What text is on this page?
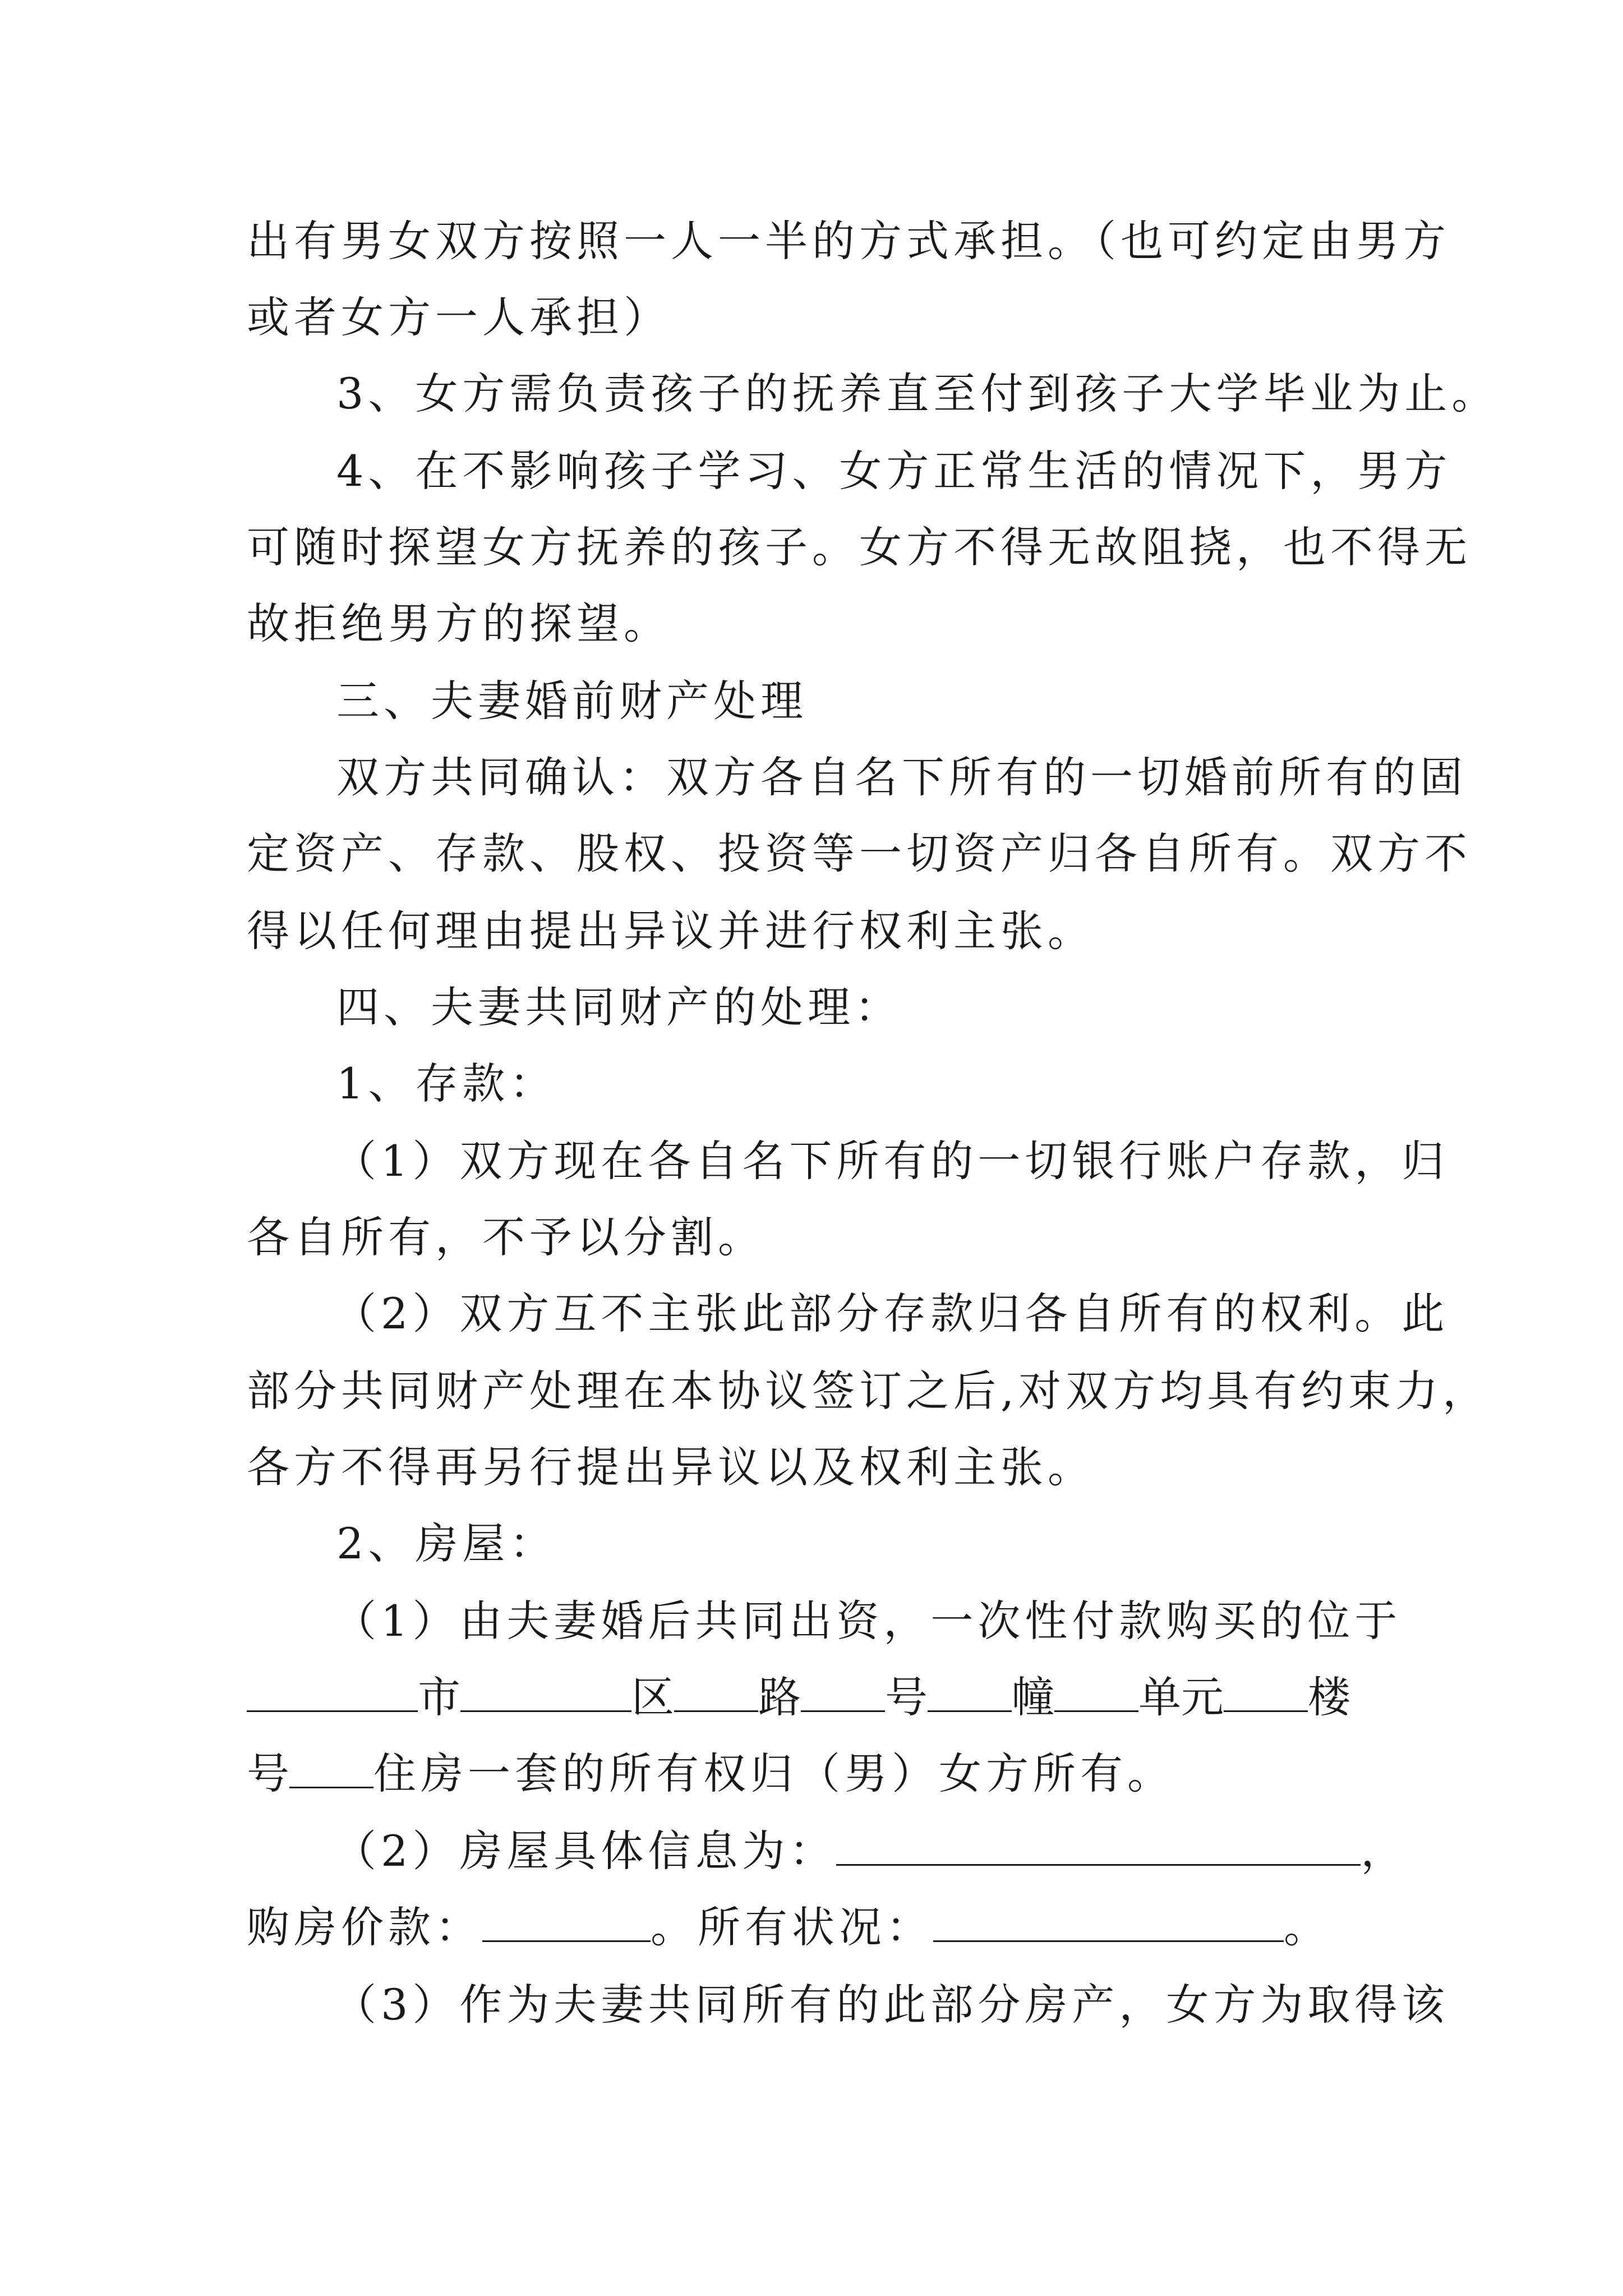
出有男女双方按照一人一半的方式承担。（也可约定由男方
或者女方一人承担）
3、女方需负责孩子的抚养直至付到孩子大学毕业为止。
4、在不影响孩子学习、女方正常生活的情况下，男方
可随时探望女方抚养的孩子。女方不得无故阻挠，也不得无
故拒绝男方的探望。
三、夫妻婚前财产处理
双方共同确认：双方各自名下所有的一切婚前所有的固
定资产、存款、股权、投资等一切资产归各自所有。双方不
得以任何理由提出异议并进行权利主张。
四、夫妻共同财产的处理：
1、存款：
（1）双方现在各自名下所有的一切银行账户存款，归
各自所有，不予以分割。
（2）双方互不主张此部分存款归各自所有的权利。此
部分共同财产处理在本协议签订之后,对双方均具有约束力，
各方不得再另行提出异议以及权利主张。
2、房屋：
（1）由夫妻婚后共同出资，一次性付款购买的位于
市	区 路 号 幢 单元 楼
号 住房一套的所有权归（男）女方所有。
（2）房屋具体信息为：	，
购房价款：	。所有状况：	。
（3）作为夫妻共同所有的此部分房产，女方为取得该
